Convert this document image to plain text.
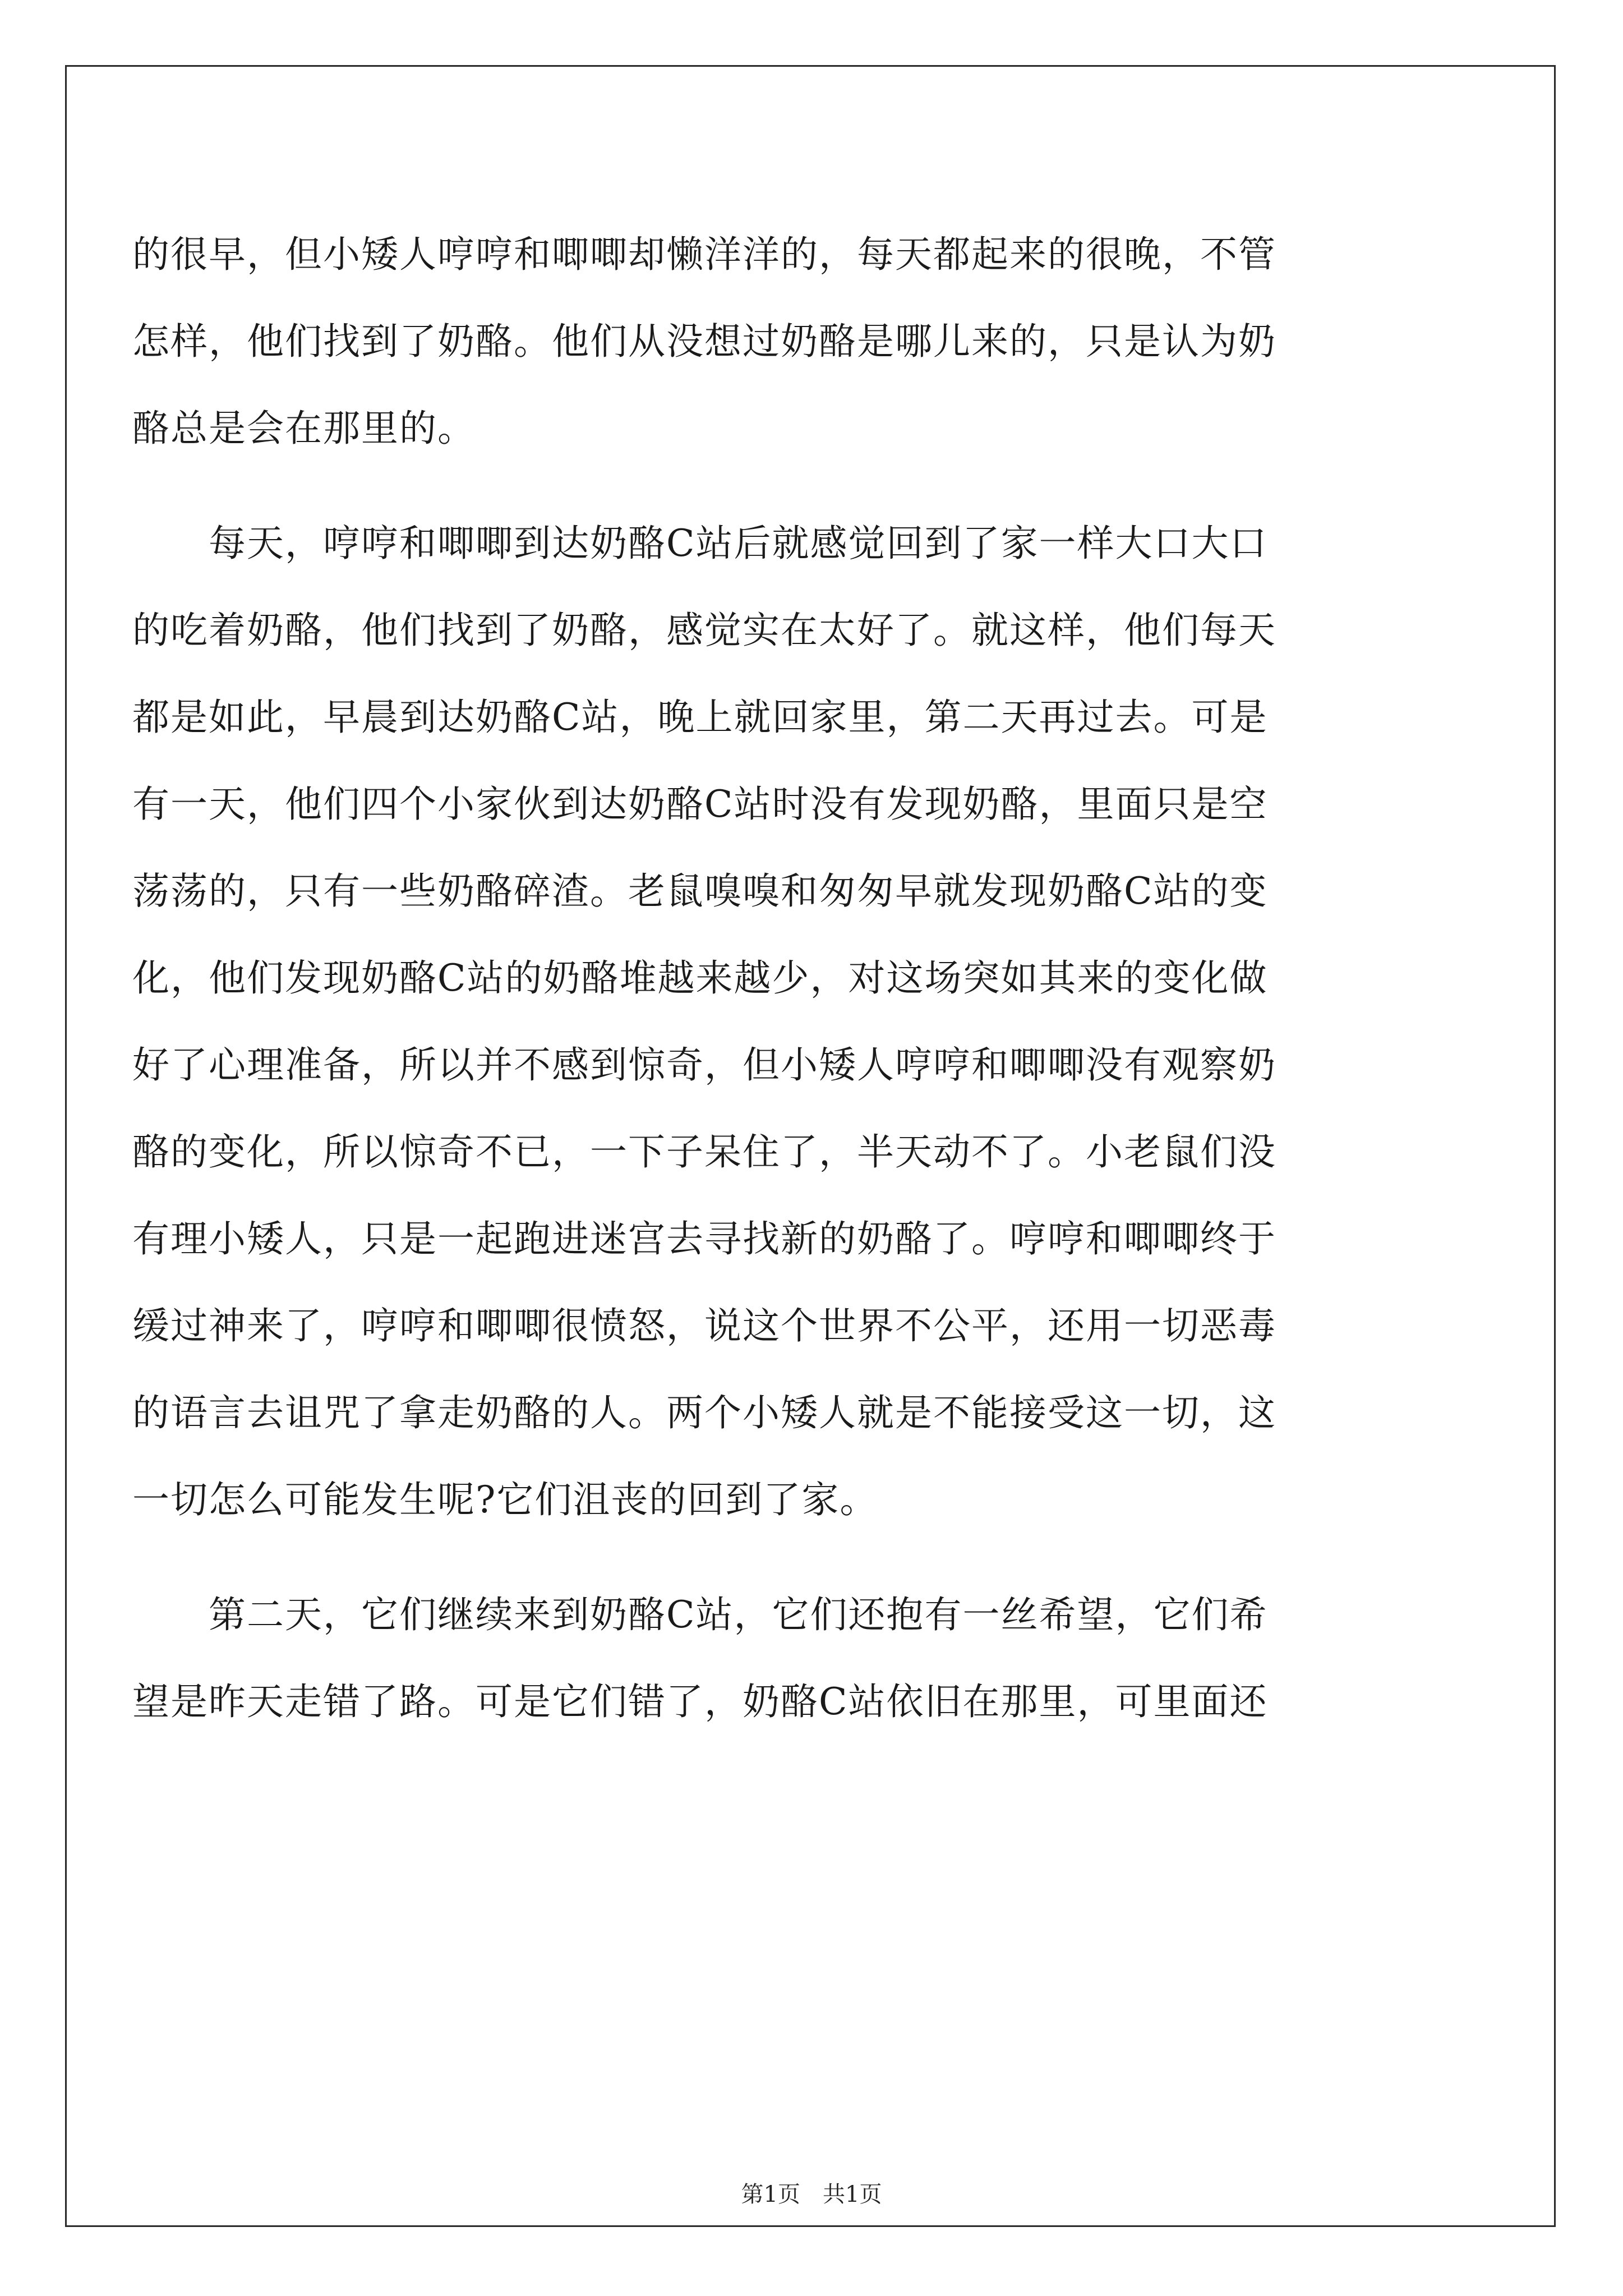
的很早，但小矮人哼哼和唧唧却懒洋洋的，每天都起来的很晚，不管
怎样，他们找到了奶酪。他们从没想过奶酪是哪儿来的，只是认为奶
酪总是会在那里的。

　　每天，哼哼和唧唧到达奶酪C站后就感觉回到了家一样大口大口
的吃着奶酪，他们找到了奶酪，感觉实在太好了。就这样，他们每天
都是如此，早晨到达奶酪C站，晚上就回家里，第二天再过去。可是
有一天，他们四个小家伙到达奶酪C站时没有发现奶酪，里面只是空
荡荡的，只有一些奶酪碎渣。老鼠嗅嗅和匆匆早就发现奶酪C站的变
化，他们发现奶酪C站的奶酪堆越来越少，对这场突如其来的变化做
好了心理准备，所以并不感到惊奇，但小矮人哼哼和唧唧没有观察奶
酪的变化，所以惊奇不已，一下子呆住了，半天动不了。小老鼠们没
有理小矮人，只是一起跑进迷宫去寻找新的奶酪了。哼哼和唧唧终于
缓过神来了，哼哼和唧唧很愤怒，说这个世界不公平，还用一切恶毒
的语言去诅咒了拿走奶酪的人。两个小矮人就是不能接受这一切，这
一切怎么可能发生呢?它们沮丧的回到了家。

　　第二天，它们继续来到奶酪C站，它们还抱有一丝希望，它们希
望是昨天走错了路。可是它们错了，奶酪C站依旧在那里，可里面还

第1页　共1页
